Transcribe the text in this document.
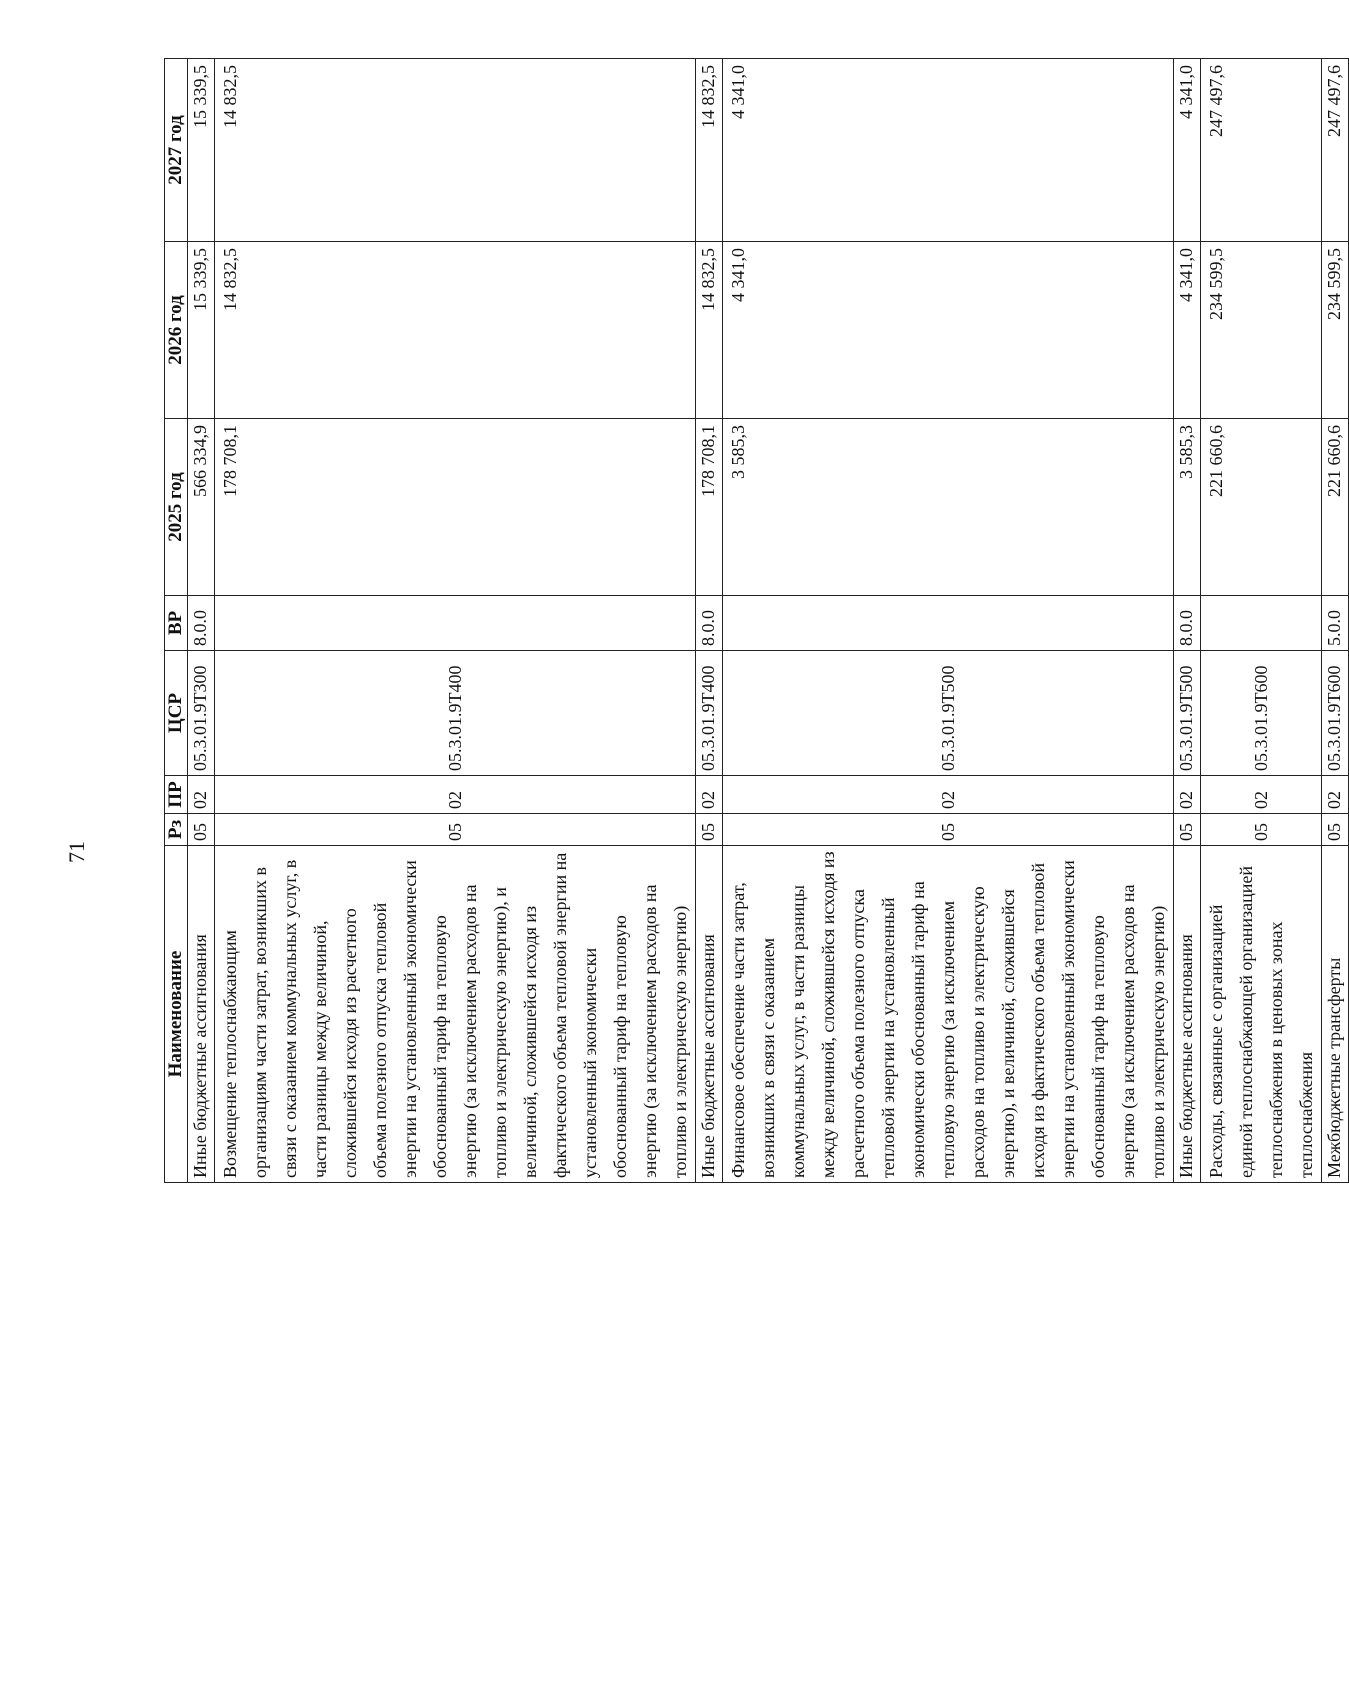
71
Наименование	Рз	ПР	ЦСР	ВР	2025 год	2026 год	2027 год
Иные бюджетные ассигнования	05	02	05.3.01.9Т300	8.0.0	566 334,9	15 339,5	15 339,5
Возмещение теплоснабжающим организациям части затрат, возникших в связи с оказанием коммунальных услуг, в части разницы между величиной, сложившейся исходя из расчетного объема полезного отпуска тепловой энергии на установленный экономически обоснованный тариф на тепловую энергию (за исключением расходов на топливо и электрическую энергию), и величиной, сложившейся исходя из фактического объема тепловой энергии на установленный экономически обоснованный тариф на тепловую энергию (за исключением расходов на топливо и электрическую энергию)	05	02	05.3.01.9Т400		178 708,1	14 832,5	14 832,5
Иные бюджетные ассигнования	05	02	05.3.01.9Т400	8.0.0	178 708,1	14 832,5	14 832,5
Финансовое обеспечение части затрат, возникших в связи с оказанием коммунальных услуг, в части разницы между величиной, сложившейся исходя из расчетного объема полезного отпуска тепловой энергии на установленный экономически обоснованный тариф на тепловую энергию (за исключением расходов на топливо и электрическую энергию), и величиной, сложившейся исходя из фактического объема тепловой энергии на установленный экономически обоснованный тариф на тепловую энергию (за исключением расходов на топливо и электрическую энергию)	05	02	05.3.01.9Т500		3 585,3	4 341,0	4 341,0
Иные бюджетные ассигнования	05	02	05.3.01.9Т500	8.0.0	3 585,3	4 341,0	4 341,0
Расходы, связанные с организацией единой теплоснабжающей организацией теплоснабжения в ценовых зонах теплоснабжения	05	02	05.3.01.9Т600		221 660,6	234 599,5	247 497,6
Межбюджетные трансферты	05	02	05.3.01.9Т600	5.0.0	221 660,6	234 599,5	247 497,6
